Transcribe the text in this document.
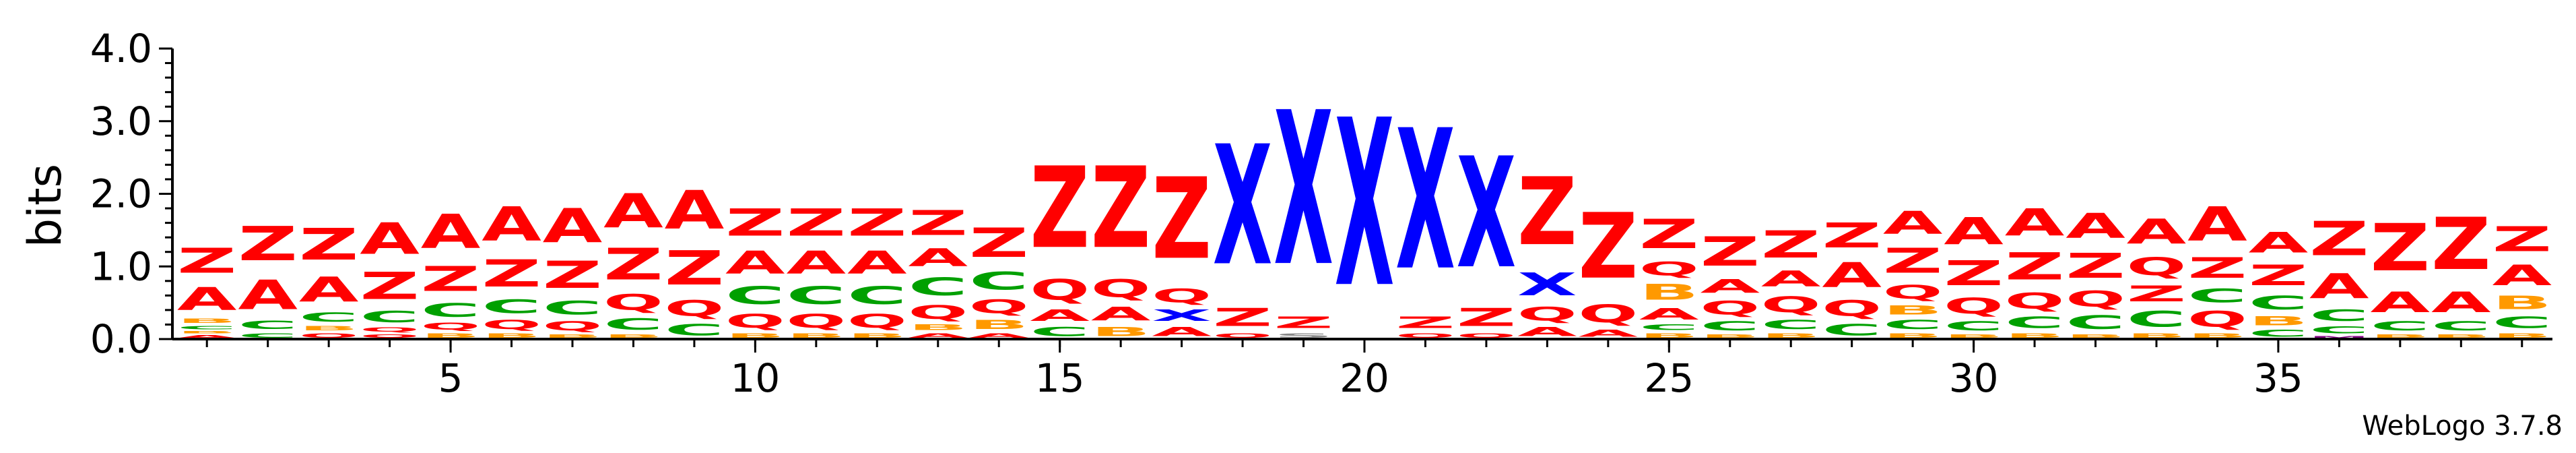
A
B
C
B
A
Z
C
C
A
Z
Q
B
C
A
Z
Q
Q
C
Z
A
B
Q
C
Z
A
B
Q
C
Z
A
B
Q
C
Z
A
B
C
Q
Z
A
C
Q
Z
A
B
Q
C
A
Z
B
Q
C
A
Z
B
Q
C
A
Z
A
B
Q
C
A
Z
A
B
Q
C
Z
C
A
Q
Z
B
A
Q
Z
A
X
Q
Z
Q
Z
X
S
Z
X X Q
Z
X
Q
Z
X
A
Q
X
Z
A
Q
Z
B
C
A
B
Q
Z
B
C
Q
A
Z
B
C
Q
A
Z
C
Q
A
Z
B
C
B
Q
Z
A
B
C
Q
Z
A
B
C
Q
Z
A
B
C
Q
Z
A
B
C
Z
Q
A
B
Q
C
Z
A
C
B
C
Z
A
M
C
C
A
Z
B
C
A
Z
B
C
A
Z
B
C
B
A
Z
0.0
1.0
2.0
3.0
4.0
5	10	15	20	25	30	35
bits
WebLogo 3.7.8
